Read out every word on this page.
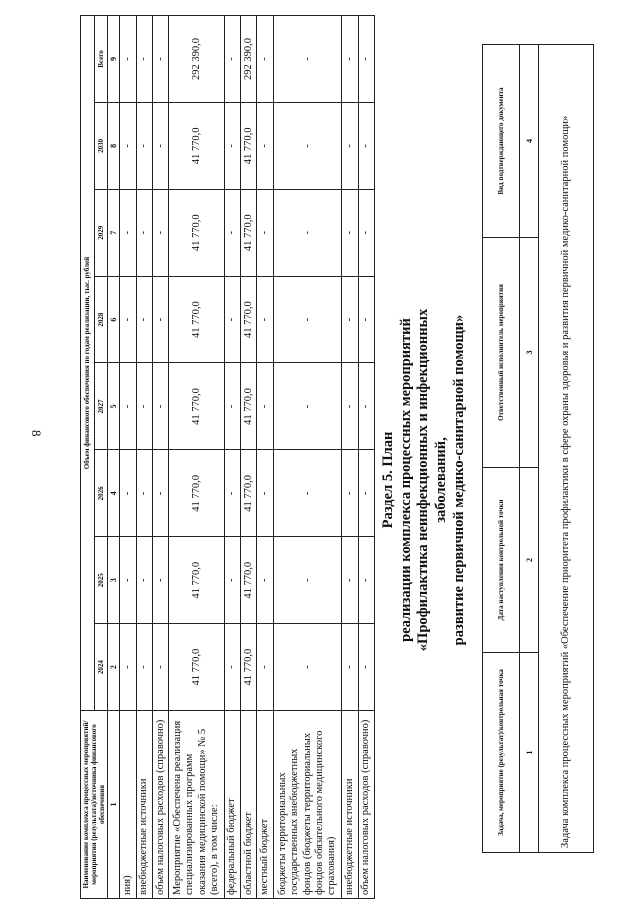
8
Наименование комплекса процессных мероприятий/мероприятия (результата)/источника финансового обеспечения	Объем финансового обеспечения по годам реализации, тыс. рублей							
	2024	2025	2026	2027	2028	2029	2030	Всего
1	2	3	4	5	6	7	8	9
ния)	-	-	-	-	-	-	-	-
внебюджетные источники	-	-	-	-	-	-	-	-
объем налоговых расходов (справочно)	-	-	-	-	-	-	-	-
Мероприятие «Обеспечена реализация специализированных программ оказания медицинской помощи» № 5 (всего), в том числе:	41 770,0	41 770,0	41 770,0	41 770,0	41 770,0	41 770,0	41 770,0	292 390,0
федеральный бюджет	-	-	-	-	-	-	-	-
областной бюджет	41 770,0	41 770,0	41 770,0	41 770,0	41 770,0	41 770,0	41 770,0	292 390,0
местный бюджет	-	-	-	-	-	-	-	-
бюджеты территориальных государственных внебюджетных фондов (бюджеты территориальных фондов обязательного медицинского страхования)	-	-	-	-	-	-	-	-
внебюджетные источники	-	-	-	-	-	-	-	-
объем налоговых расходов (справочно)	-	-	-	-	-	-	-	-
Раздел 5. План реализации комплекса процессных мероприятий «Профилактика неинфекционных и инфекционных заболеваний, развитие первичной медико-санитарной помощи»
Задача, мероприятие (результат)/контрольная точка	Дата наступления контрольной точки	Ответственный исполнитель мероприятия	Вид подтверждающего документа
1	2	3	4
Задача комплекса процессных мероприятий «Обеспечение приоритета профилактики в сфере охраны здоровья и развития первичной медико-санитарной помощи»			
